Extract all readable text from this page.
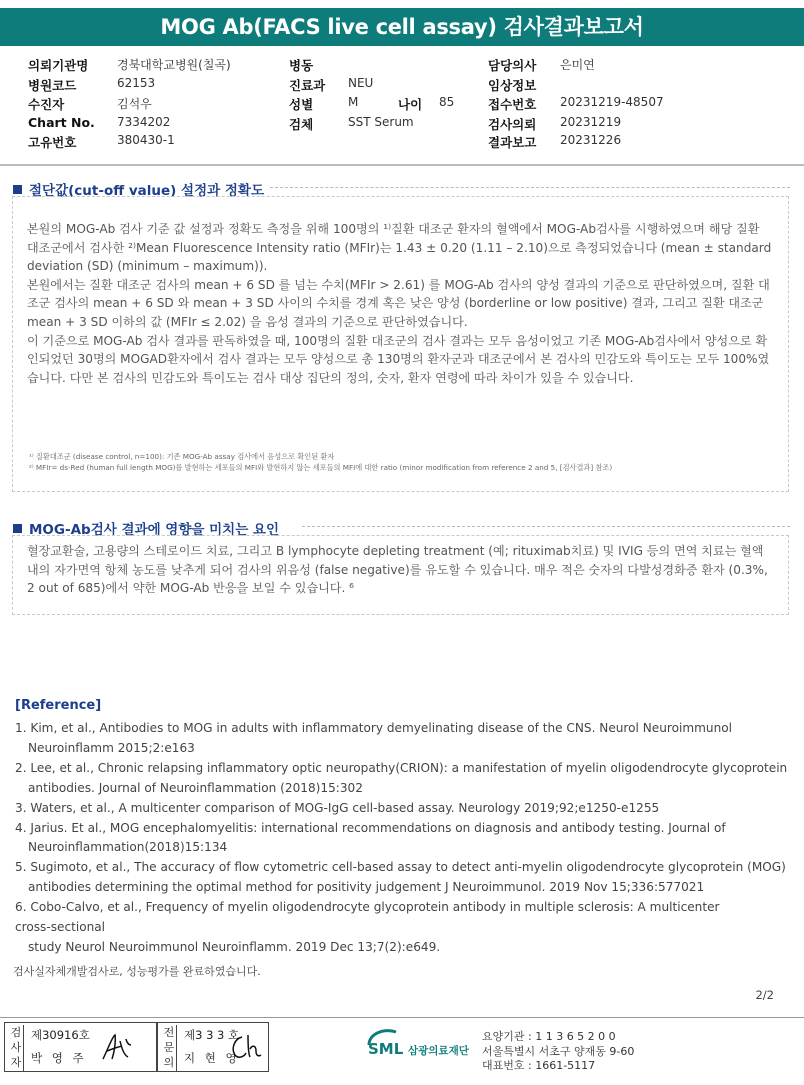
MOG Ab(FACS live cell assay) 검사결과보고서
의뢰기관명 경북대학교병원(칠곡)
병원코드	62153
수진자	김석우
Chart No. 7334202
고유번호	380430-1
병동
진료과 NEU
성별	M	나이 85
검체	SST Serum
담당의사 은미연
임상정보
접수번호 20231219-48507
검사의뢰 20231219
결과보고 20231226
절단값(cut-off value) 설정과 정확도

본원의 MOG-Ab 검사 기준 값 설정과 정확도 측정을 위해 100명의 ¹⁾질환 대조군 환자의 혈액에서 MOG-Ab검사를 시행하였으며 해당 질환 대조군에서 검사한 ²⁾Mean Fluorescence Intensity ratio (MFIr)는 1.43 ± 0.20 (1.11 – 2.10)으로 측정되었습니다 (mean ± standard deviation (SD) (minimum – maximum)).

본원에서는 질환 대조군 검사의 mean + 6 SD 를 넘는 수치(MFIr > 2.61) 를 MOG-Ab 검사의 양성 결과의 기준으로 판단하였으며, 질환 대조군 검사의 mean + 6 SD 와 mean + 3 SD 사이의 수치를 경계 혹은 낮은 양성 (borderline or low positive) 결과, 그리고 질환 대조군 mean + 3 SD 이하의 값 (MFIr ≤ 2.02) 을 음성 결과의 기준으로 판단하였습니다.

이 기준으로 MOG-Ab 검사 결과를 판독하였을 때, 100명의 질환 대조군의 검사 결과는 모두 음성이었고 기존 MOG-Ab검사에서 양성으로 확인되었던 30명의 MOGAD환자에서 검사 결과는 모두 양성으로 총 130명의 환자군과 대조군에서 본 검사의 민감도와 특이도는 모두 100%였습니다. 다만 본 검사의 민감도와 특이도는 검사 대상 집단의 정의, 숫자, 환자 연령에 따라 차이가 있을 수 있습니다.

¹⁾ 질환대조군 (disease control, n=100): 기존 MOG-Ab assay 검사에서 음성으로 확인된 환자
²⁾ MFIr= ds-Red (human full length MOG)를 발현하는 세포들의 MFI와 발현하지 않는 세포들의 MFI에 대한 ratio (minor modification from reference 2 and 5, [검사결과] 참조)
MOG-Ab검사 결과에 영향을 미치는 요인
혈장교환술, 고용량의 스테로이드 치료, 그리고 B lymphocyte depleting treatment (예; rituximab치료) 및 IVIG 등의 면역 치료는 혈액 내의 자가면역 항체 농도를 낮추게 되어 검사의 위음성 (false negative)를 유도할 수 있습니다. 매우 적은 숫자의 다발성경화증 환자 (0.3%, 2 out of 685)에서 약한 MOG-Ab 반응을 보일 수 있습니다. ⁶
[Reference]
1. Kim, et al., Antibodies to MOG in adults with inflammatory demyelinating disease of the CNS. Neurol Neuroimmunol
Neuroinflamm 2015;2:e163
2. Lee, et al., Chronic relapsing inflammatory optic neuropathy(CRION): a manifestation of myelin oligodendrocyte glycoprotein
antibodies. Journal of Neuroinflammation (2018)15:302
3. Waters, et al., A multicenter comparison of MOG-IgG cell-based assay. Neurology 2019;92;e1250-e1255
4. Jarius. Et al., MOG encephalomyelitis: international recommendations on diagnosis and antibody testing. Journal of
Neuroinflammation(2018)15:134
5. Sugimoto, et al., The accuracy of flow cytometric cell-based assay to detect anti-myelin oligodendrocyte glycoprotein (MOG)
antibodies determining the optimal method for positivity judgement J Neuroimmunol. 2019 Nov 15;336:577021
6. Cobo-Calvo, et al., Frequency of myelin oligodendrocyte glycoprotein antibody in multiple sclerosis: A multicenter
cross-sectional
study Neurol Neuroimmunol Neuroinflamm. 2019 Dec 13;7(2):e649.
검사실자체개발검사로, 성능평가를 완료하였습니다.
2/2
검사자
제30916호
박 영 주
전문의
제3 3 3 호
지 현 영	SML 삼광의료재단
요양기관 : 1 1 3 6 5 2 0 0
서울특별시 서초구 양재동 9-60
대표번호 : 1661-5117
